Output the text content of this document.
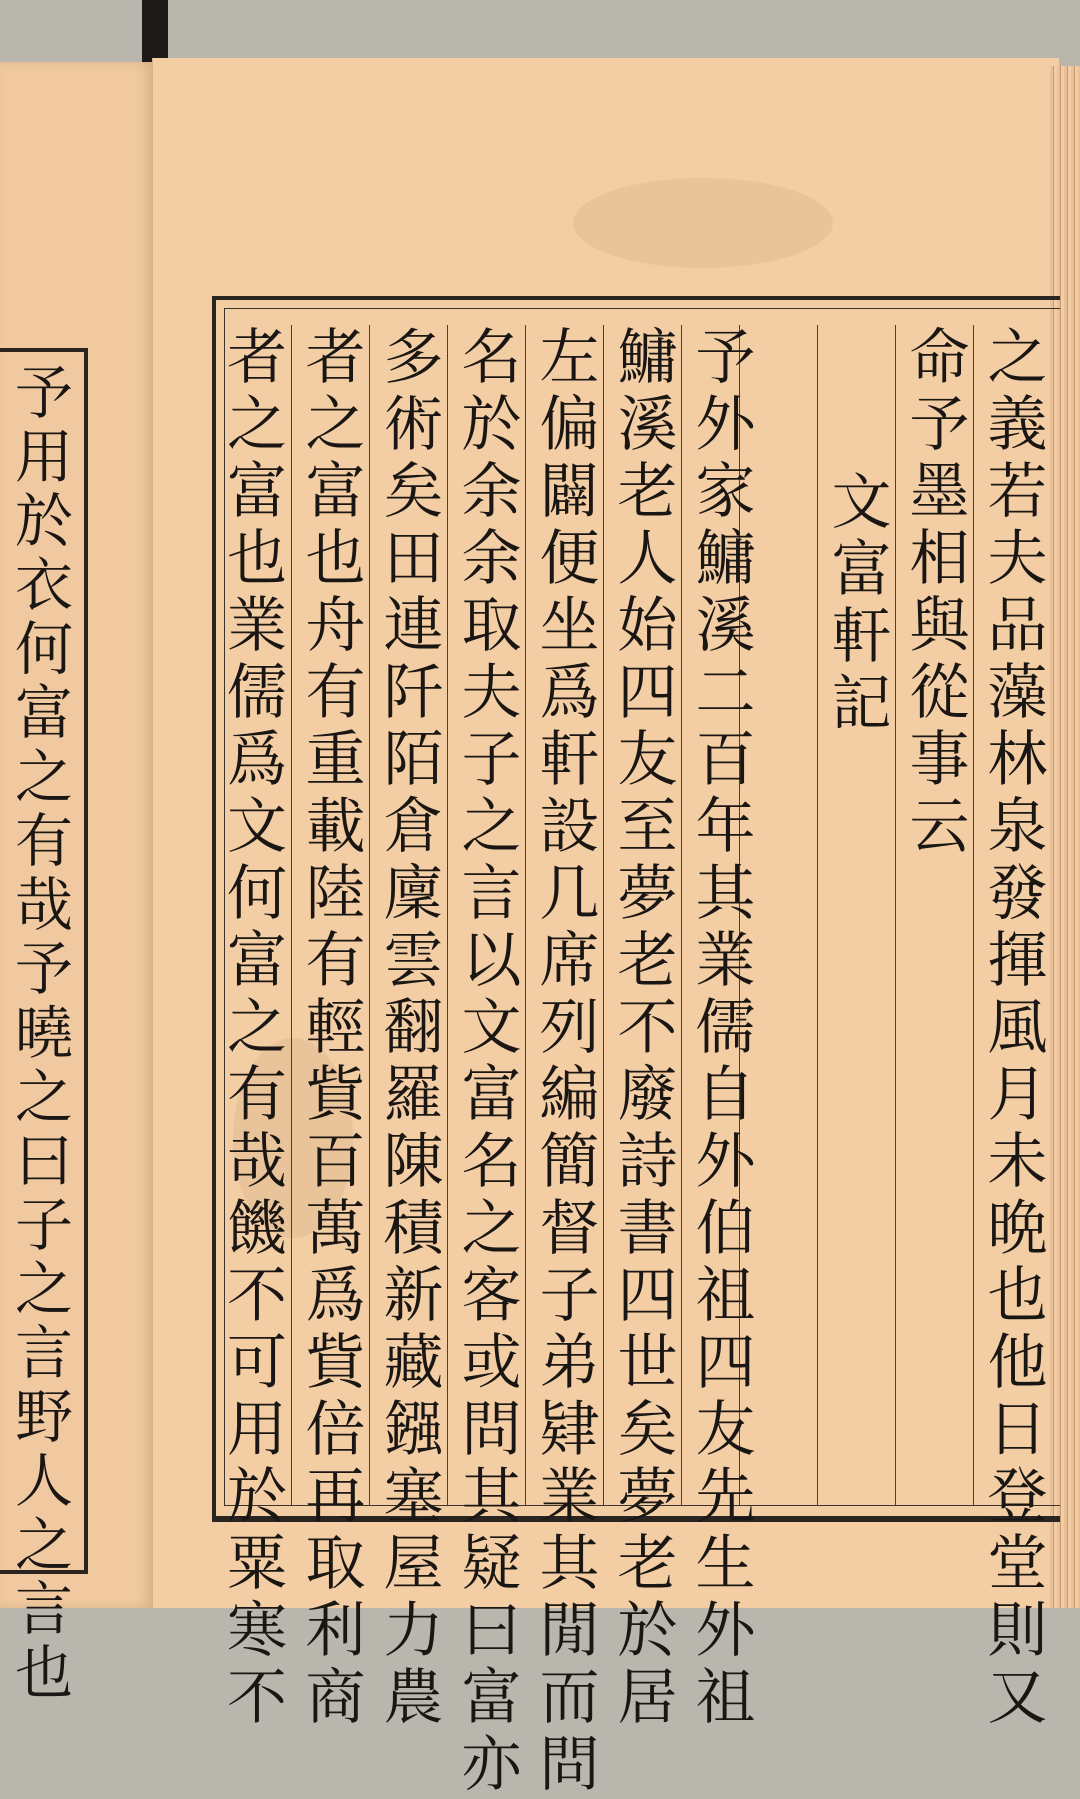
予用於衣何富之有哉予曉之曰子之言野人之言也	之義若夫品藻林泉發揮風月未晩也他日登堂則又
命予墨相與從事云
文富軒記
予外家鱅溪二百年其業儒自外伯祖四友先生外祖
鱅溪老人始四友至夢老不廢詩書四世矣夢老於居
左偏闢便坐爲軒設几席列編簡督子弟肄業其閒而問
名於余余取夫子之言以文富名之客或問其疑曰富亦
多術矣田連阡陌倉廩雲翻羅陳積新藏鏹塞屋力農
者之富也舟有重載陸有輕貲百萬爲貲倍再取利商
者之富也業儒爲文何富之有哉饑不可用於粟寒不
